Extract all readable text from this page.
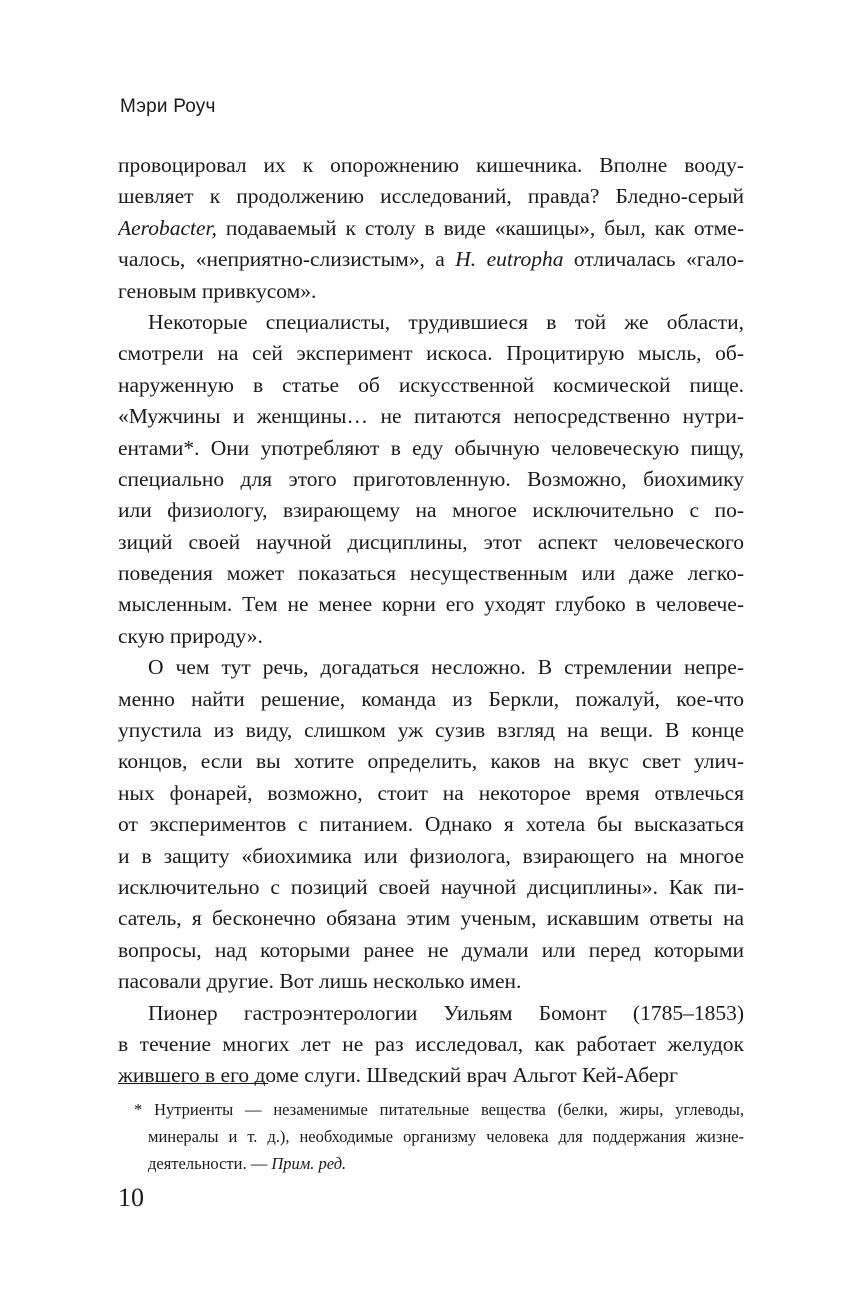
Мэри Роуч
провоцировал их к опорожнению кишечника. Вполне вооду-
шевляет к продолжению исследований, правда? Бледно-серый
Aerobacter, подаваемый к столу в виде «кашицы», был, как отме-
чалось, «неприятно-слизистым», а H. eutropha отличалась «гало-
геновым привкусом».
Некоторые специалисты, трудившиеся в той же области,
смотрели на сей эксперимент искоса. Процитирую мысль, об-
наруженную в статье об искусственной космической пище.
«Мужчины и женщины… не питаются непосредственно нутри-
ентами*. Они употребляют в еду обычную человеческую пищу,
специально для этого приготовленную. Возможно, биохимику
или физиологу, взирающему на многое исключительно с по-
зиций своей научной дисциплины, этот аспект человеческого
поведения может показаться несущественным или даже легко-
мысленным. Тем не менее корни его уходят глубоко в человече-
скую природу».
О чем тут речь, догадаться несложно. В стремлении непре-
менно найти решение, команда из Беркли, пожалуй, кое-что
упустила из виду, слишком уж сузив взгляд на вещи. В конце
концов, если вы хотите определить, каков на вкус свет улич-
ных фонарей, возможно, стоит на некоторое время отвлечься
от экспериментов с питанием. Однако я хотела бы высказаться
и в защиту «биохимика или физиолога, взирающего на многое
исключительно с позиций своей научной дисциплины». Как пи-
сатель, я бесконечно обязана этим ученым, искавшим ответы на
вопросы, над которыми ранее не думали или перед которыми
пасовали другие. Вот лишь несколько имен.
Пионер гастроэнтерологии Уильям Бомонт (1785–1853)
в течение многих лет не раз исследовал, как работает желудок
жившего в его доме слуги. Шведский врач Альгот Кей-Аберг
* Нутриенты — незаменимые питательные вещества (белки, жиры, углеводы,
минералы и т. д.), необходимые организму человека для поддержания жизне-
деятельности. — Прим. ред.
10
